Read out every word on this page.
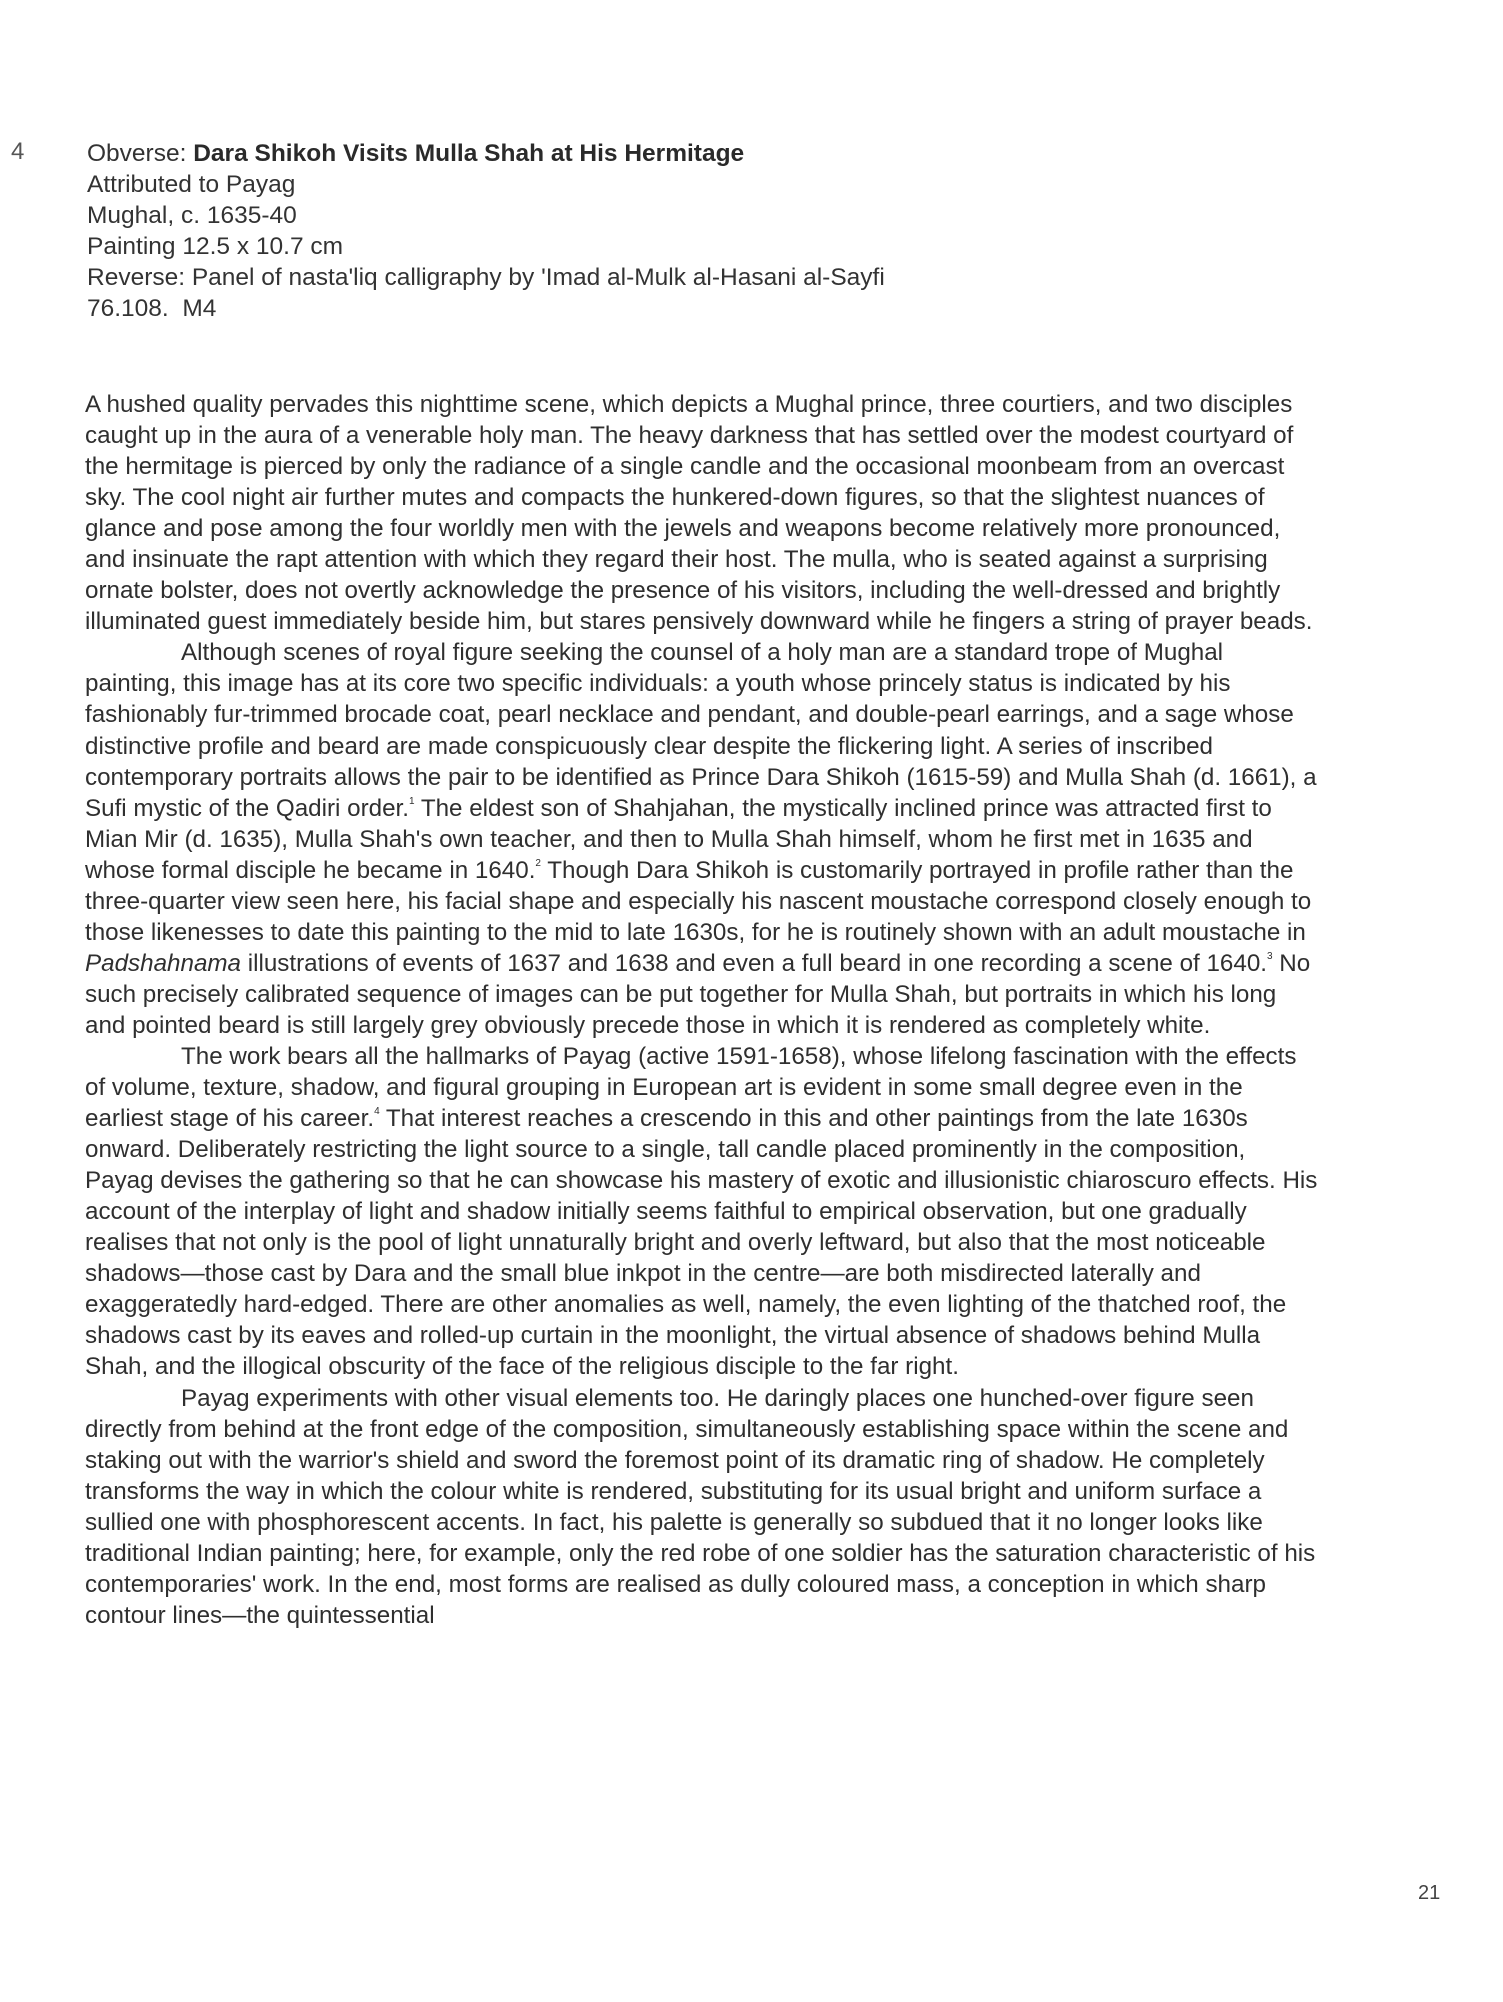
4	Obverse: Dara Shikoh Visits Mulla Shah at His Hermitage
Attributed to Payag
Mughal, c. 1635-40
Painting 12.5 x 10.7 cm
Reverse: Panel of nasta'liq calligraphy by 'Imad al-Mulk al-Hasani al-Sayfi
76.108.  M4

A hushed quality pervades this nighttime scene, which depicts a Mughal prince, three courtiers, and two disciples caught up in the aura of a venerable holy man. The heavy darkness that has settled over the modest courtyard of the hermitage is pierced by only the radiance of a single candle and the occasional moonbeam from an overcast sky. The cool night air further mutes and compacts the hunkered-down figures, so that the slightest nuances of glance and pose among the four worldly men with the jewels and weapons become relatively more pronounced, and insinuate the rapt attention with which they regard their host. The mulla, who is seated against a surprising ornate bolster, does not overtly acknowledge the presence of his visitors, including the well-dressed and brightly illuminated guest immediately beside him, but stares pensively downward while he fingers a string of prayer beads.

Although scenes of royal figure seeking the counsel of a holy man are a standard trope of Mughal painting, this image has at its core two specific individuals: a youth whose princely status is indicated by his fashionably fur-trimmed brocade coat, pearl necklace and pendant, and double-pearl earrings, and a sage whose distinctive profile and beard are made conspicuously clear despite the flickering light. A series of inscribed contemporary portraits allows the pair to be identified as Prince Dara Shikoh (1615-59) and Mulla Shah (d. 1661), a Sufi mystic of the Qadiri order.$^1$ The eldest son of Shahjahan, the mystically inclined prince was attracted first to Mian Mir (d. 1635), Mulla Shah's own teacher, and then to Mulla Shah himself, whom he first met in 1635 and whose formal disciple he became in 1640.$^2$ Though Dara Shikoh is customarily portrayed in profile rather than the three-quarter view seen here, his facial shape and especially his nascent moustache correspond closely enough to those likenesses to date this painting to the mid to late 1630s, for he is routinely shown with an adult moustache in Padshahnama illustrations of events of 1637 and 1638 and even a full beard in one recording a scene of 1640.$^3$ No such precisely calibrated sequence of images can be put together for Mulla Shah, but portraits in which his long and pointed beard is still largely grey obviously precede those in which it is rendered as completely white.

The work bears all the hallmarks of Payag (active 1591-1658), whose lifelong fascination with the effects of volume, texture, shadow, and figural grouping in European art is evident in some small degree even in the earliest stage of his career.$^4$ That interest reaches a crescendo in this and other paintings from the late 1630s onward. Deliberately restricting the light source to a single, tall candle placed prominently in the composition, Payag devises the gathering so that he can showcase his mastery of exotic and illusionistic chiaroscuro effects. His account of the interplay of light and shadow initially seems faithful to empirical observation, but one gradually realises that not only is the pool of light unnaturally bright and overly leftward, but also that the most noticeable shadows—those cast by Dara and the small blue inkpot in the centre—are both misdirected laterally and exaggeratedly hard-edged. There are other anomalies as well, namely, the even lighting of the thatched roof, the shadows cast by its eaves and rolled-up curtain in the moonlight, the virtual absence of shadows behind Mulla Shah, and the illogical obscurity of the face of the religious disciple to the far right.

Payag experiments with other visual elements too. He daringly places one hunched-over figure seen directly from behind at the front edge of the composition, simultaneously establishing space within the scene and staking out with the warrior's shield and sword the foremost point of its dramatic ring of shadow. He completely transforms the way in which the colour white is rendered, substituting for its usual bright and uniform surface a sullied one with phosphorescent accents. In fact, his palette is generally so subdued that it no longer looks like traditional Indian painting; here, for example, only the red robe of one soldier has the saturation characteristic of his contemporaries' work. In the end, most forms are realised as dully coloured mass, a conception in which sharp contour lines—the quintessential

21
